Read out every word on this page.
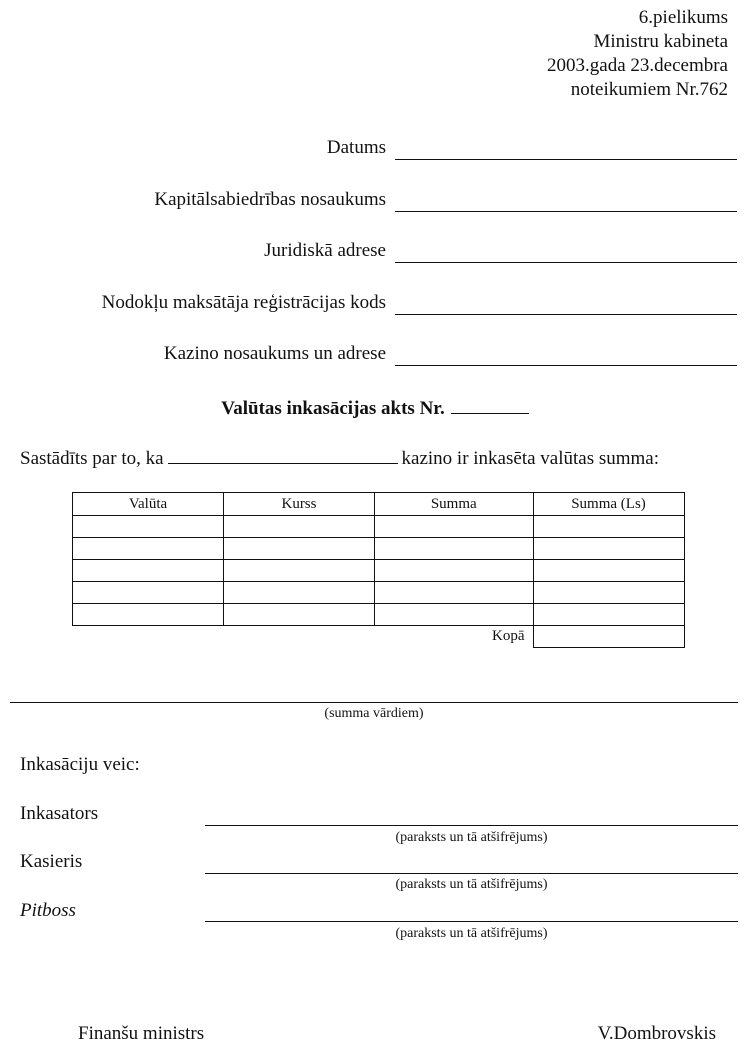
6.pielikums
Ministru kabineta
2003.gada 23.decembra
noteikumiem Nr.762
Datums
Kapitālsabiedrības nosaukums
Juridiskā adrese
Nodokļu maksātāja reģistrācijas kods
Kazino nosaukums un adrese
Valūtas inkasācijas akts Nr.
Sastādīts par to, ka	kazino ir inkasēta valūtas summa:
Valūta	Kurss	Summa	Summa (Ls)

		Kopā	
(summa vārdiem)
Inkasāciju veic:
Inkasators
(paraksts un tā atšifrējums)
Kasieris
(paraksts un tā atšifrējums)
Pitboss
(paraksts un tā atšifrējums)
Finanšu ministrs	V.Dombrovskis
